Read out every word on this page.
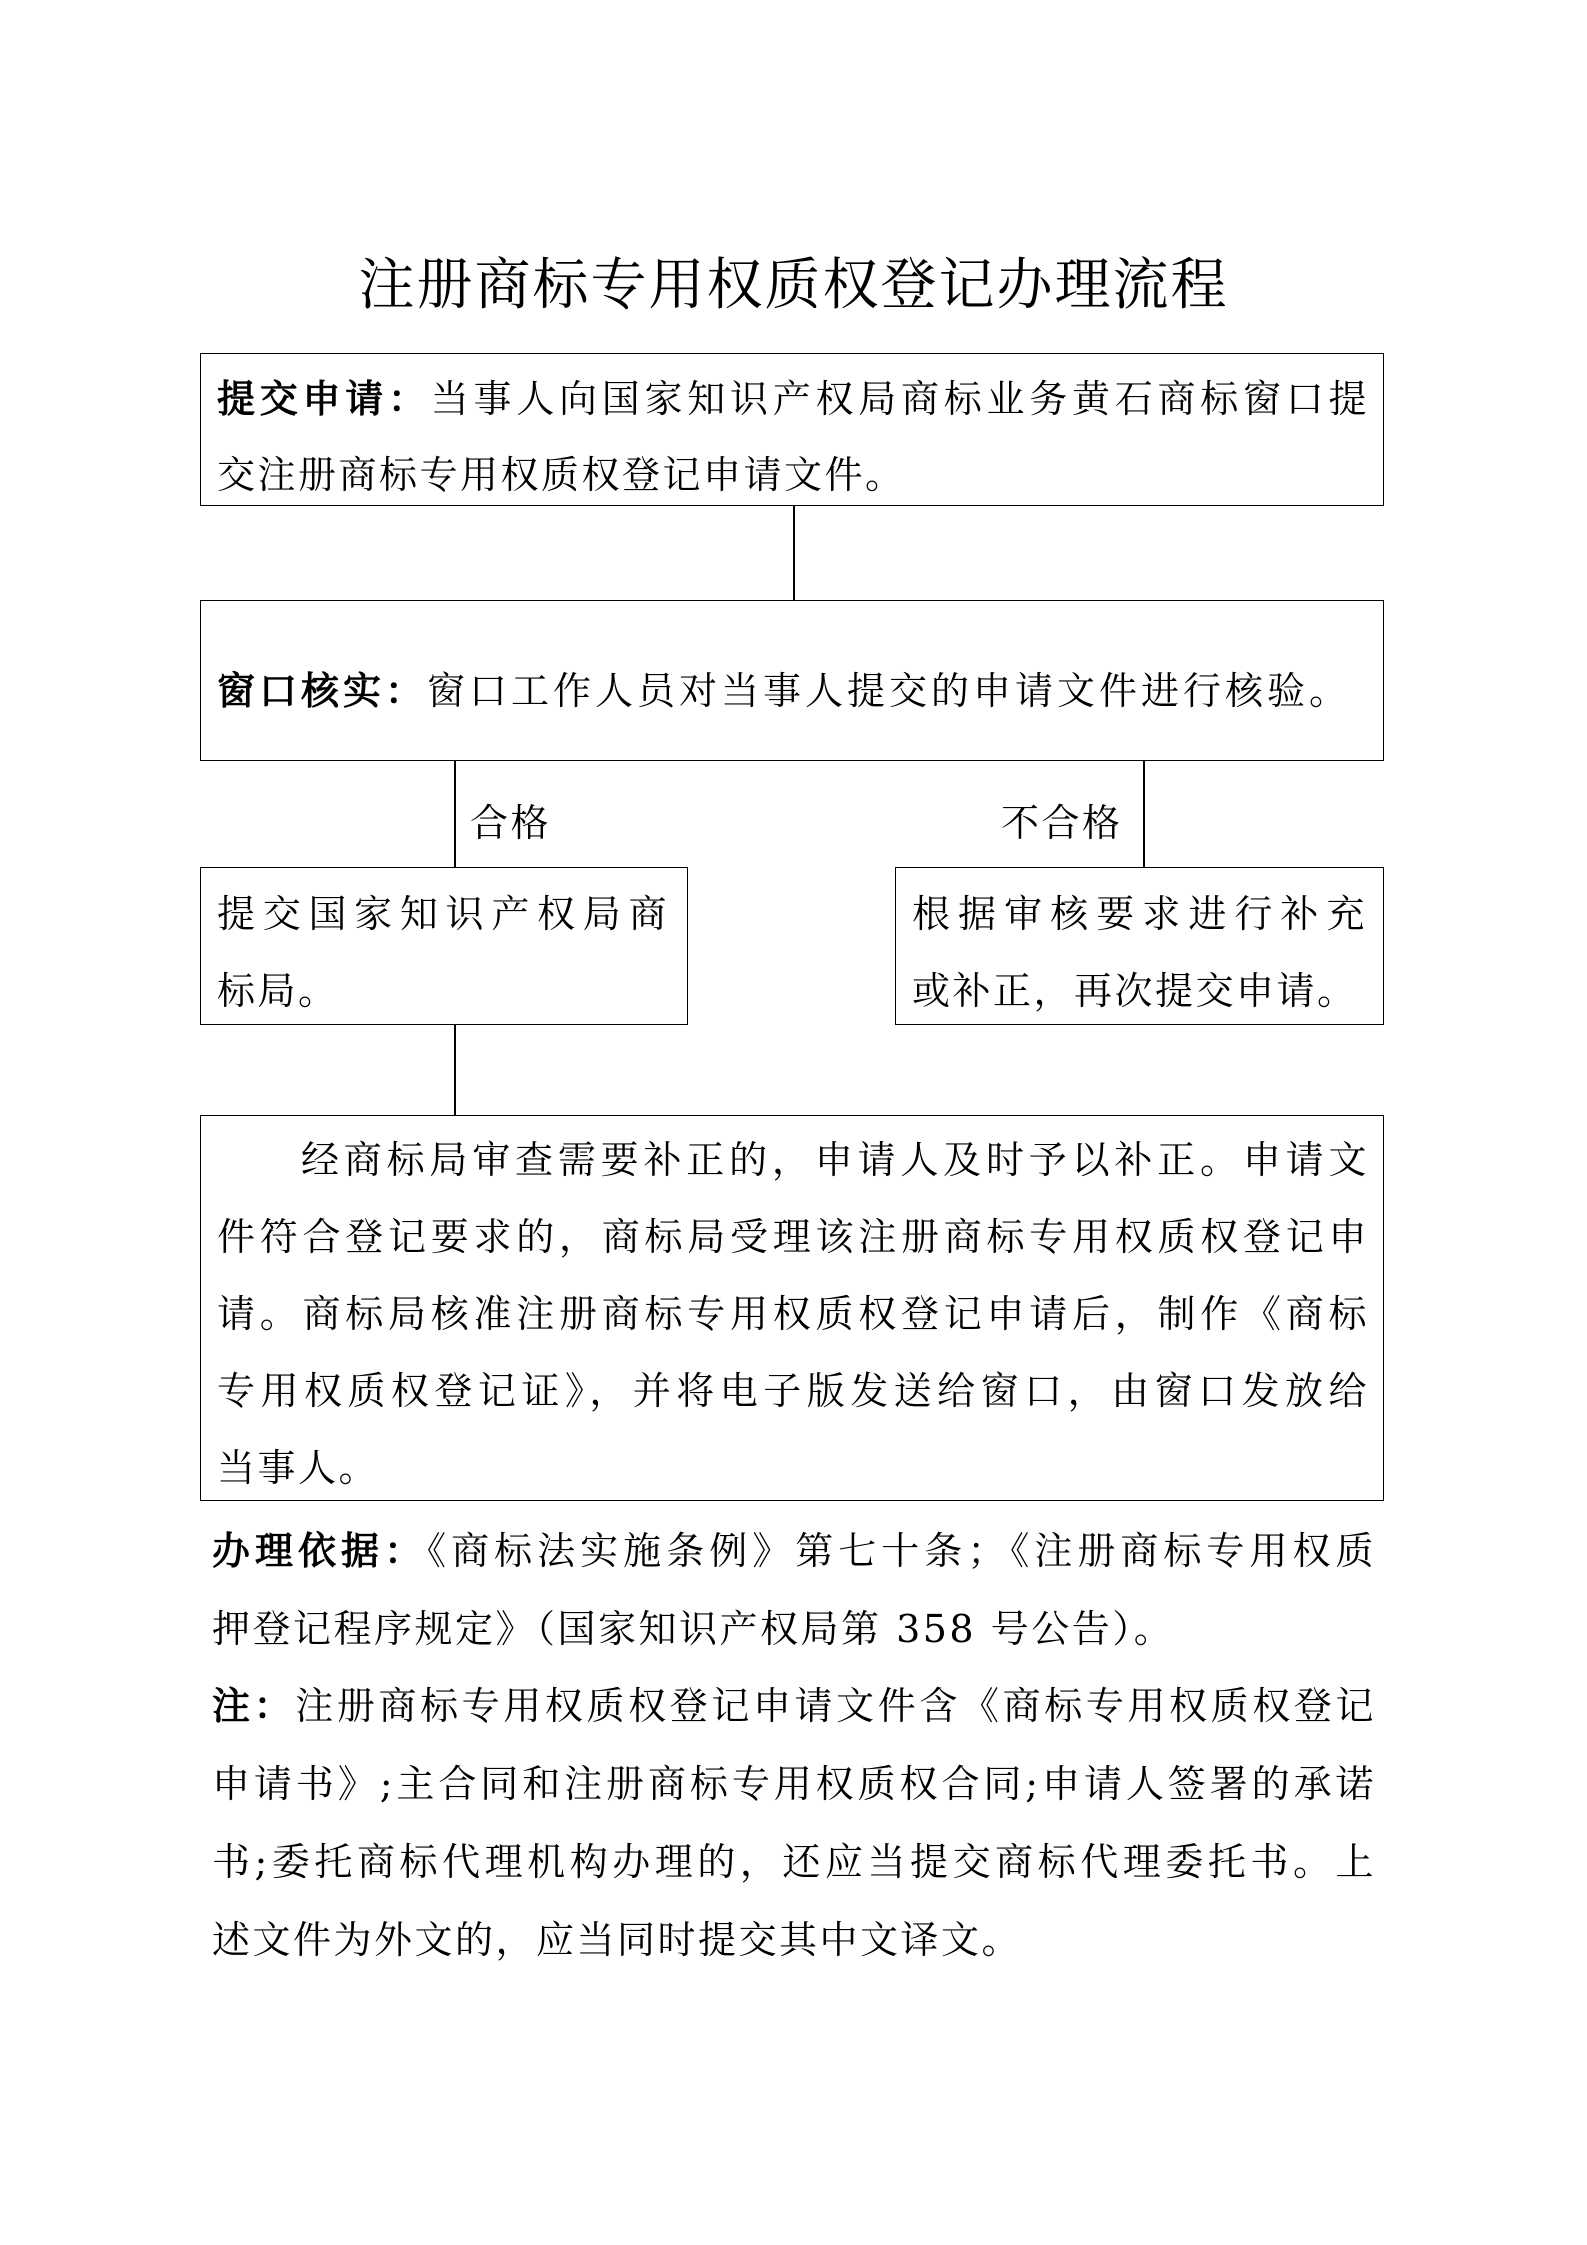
注册商标专用权质权登记办理流程
提交申请：当事人向国家知识产权局商标业务黄石商标窗口提
交注册商标专用权质权登记申请文件。
窗口核实：窗口工作人员对当事人提交的申请文件进行核验。
合格	不合格
提交国家知识产权局商
标局。
根据审核要求进行补充
或补正，再次提交申请。
经商标局审查需要补正的，申请人及时予以补正。申请文
件符合登记要求的，商标局受理该注册商标专用权质权登记申
请。商标局核准注册商标专用权质权登记申请后，制作《商标
专用权质权登记证》，并将电子版发送给窗口，由窗口发放给
当事人。
办理依据：《商标法实施条例》第七十条；《注册商标专用权质
押登记程序规定》（国家知识产权局第 358 号公告）。
注：注册商标专用权质权登记申请文件含《商标专用权质权登记
申请书》;主合同和注册商标专用权质权合同;申请人签署的承诺
书;委托商标代理机构办理的，还应当提交商标代理委托书。上
述文件为外文的，应当同时提交其中文译文。
